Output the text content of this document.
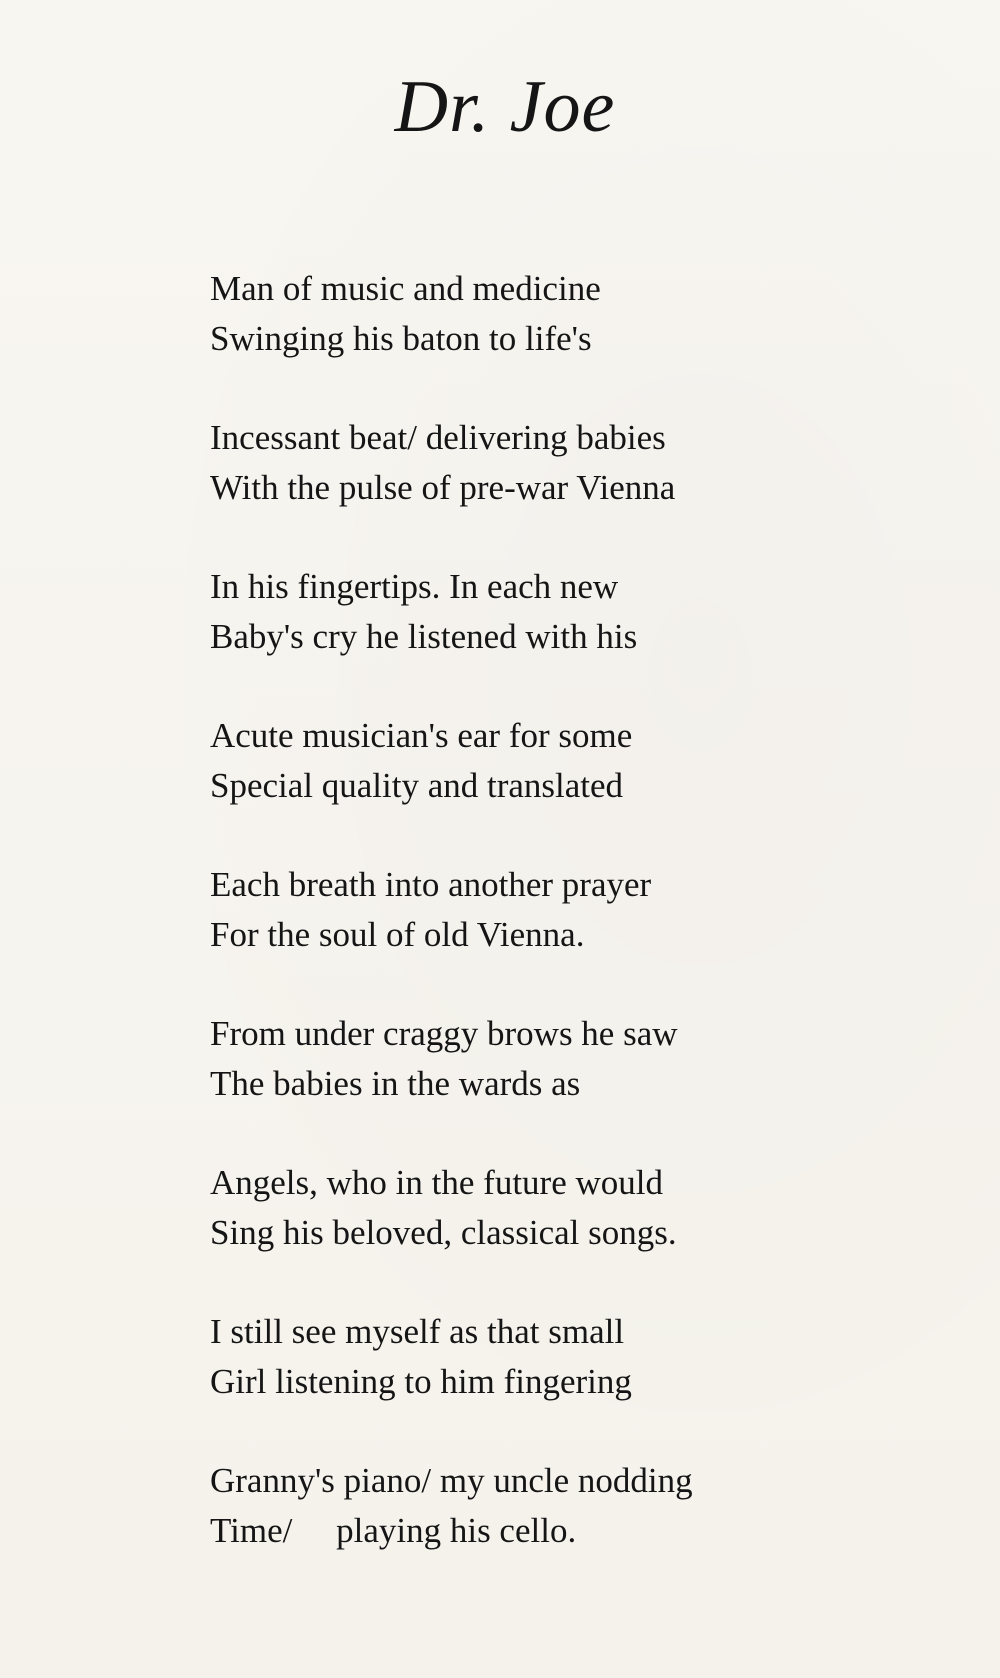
Dr. Joe
Man of music and medicine
Swinging his baton to life's
Incessant beat/ delivering babies
With the pulse of pre-war Vienna
In his fingertips. In each new
Baby's cry he listened with his
Acute musician's ear for some
Special quality and translated
Each breath into another prayer
For the soul of old Vienna.
From under craggy brows he saw
The babies in the wards as
Angels, who in the future would
Sing his beloved, classical songs.
I still see myself as that small
Girl listening to him fingering
Granny's piano/ my uncle nodding
Time/     playing his cello.
